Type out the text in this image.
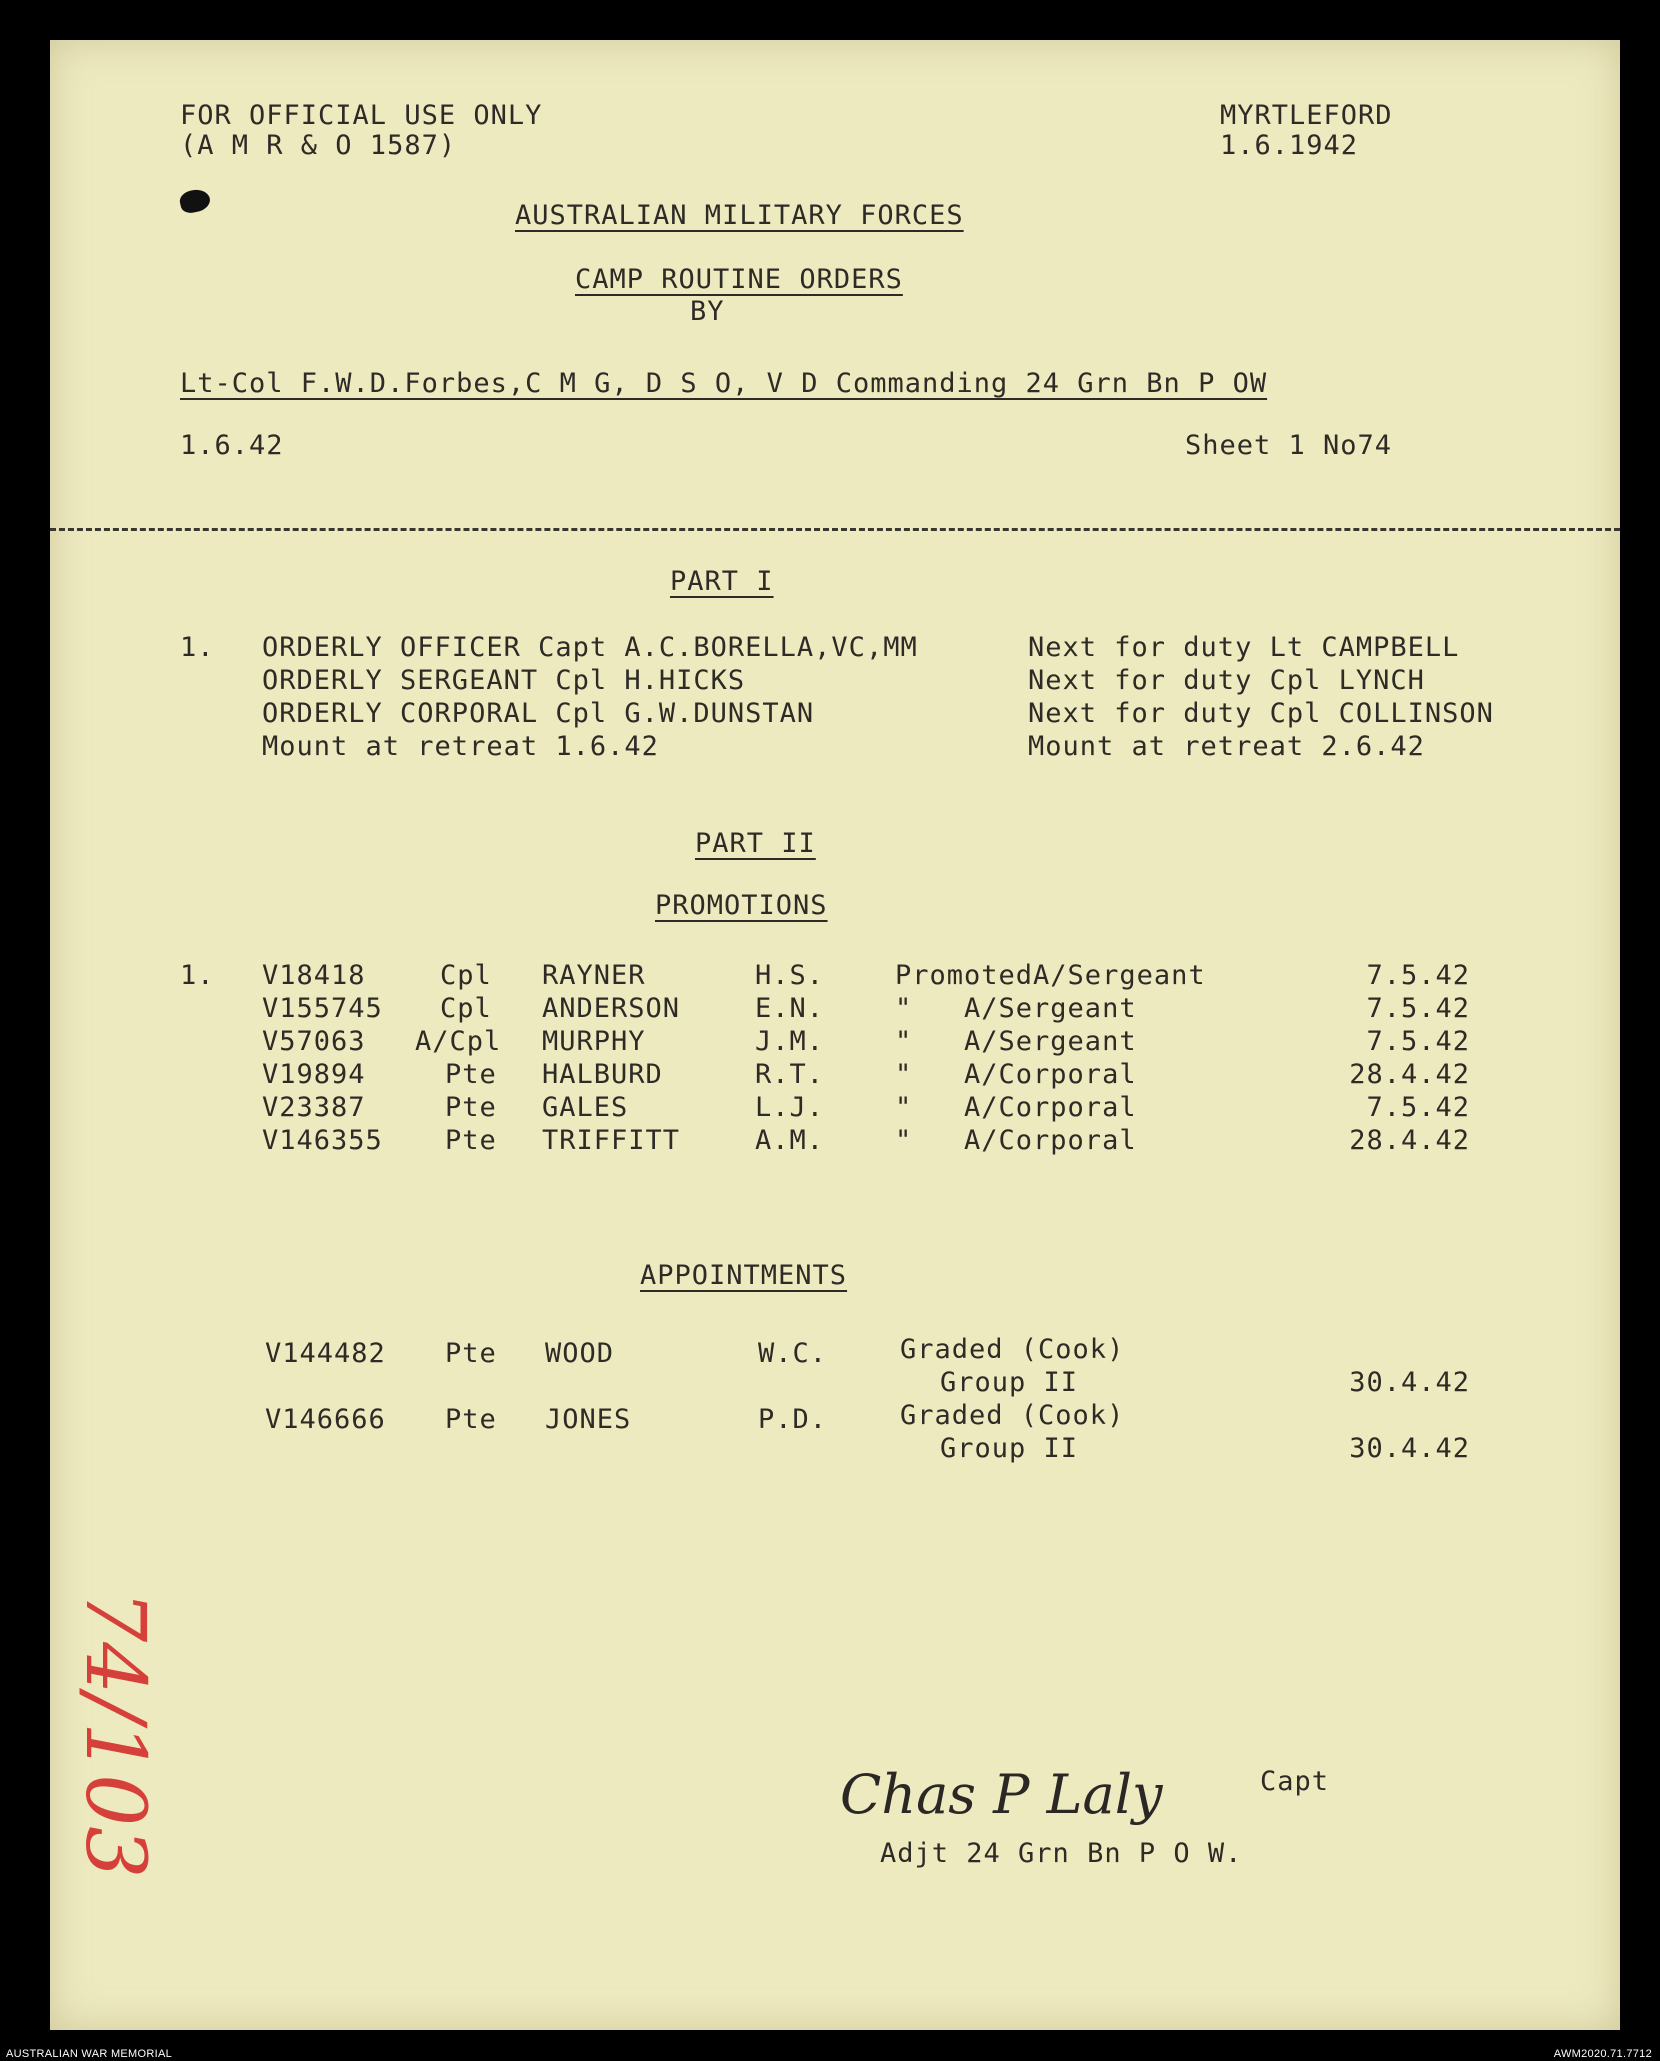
FOR OFFICIAL USE ONLY
(A M R & O 1587)
MYRTLEFORD
1.6.1942
AUSTRALIAN MILITARY FORCES
CAMP ROUTINE ORDERS
BY
Lt-Col F.W.D.Forbes,C M G, D S O, V D Commanding 24 Grn Bn P OW
1.6.42	Sheet 1 No74
PART I
1. ORDERLY OFFICER Capt A.C.BORELLA,VC,MM	Next for duty Lt CAMPBELL
ORDERLY SERGEANT Cpl H.HICKS	Next for duty Cpl LYNCH
ORDERLY CORPORAL Cpl G.W.DUNSTAN	Next for duty Cpl COLLINSON
Mount at retreat 1.6.42	Mount at retreat 2.6.42
PART II
PROMOTIONS
1. V18418	Cpl RAYNER	H.S.	PromotedA/Sergeant	7.5.42
V155745 Cpl ANDERSON	E.N.	"   A/Sergeant	7.5.42
V57063 A/Cpl MURPHY	J.M.	"   A/Sergeant	7.5.42
V19894	Pte HALBURD	R.T.	"   A/Corporal	28.4.42
V23387	Pte GALES	L.J.	"   A/Corporal	7.5.42
V146355 Pte TRIFFITT	A.M.	"   A/Corporal	28.4.42
APPOINTMENTS
V144482 Pte WOOD	W.C.	Graded (Cook)
Group II	30.4.42
V146666 Pte JONES	P.D.	Graded (Cook)
Group II	30.4.42
Chas P Laly	Capt
Adjt 24 Grn Bn P O W.
74/103
AUSTRALIAN WAR MEMORIAL	AWM2020.71.7712
